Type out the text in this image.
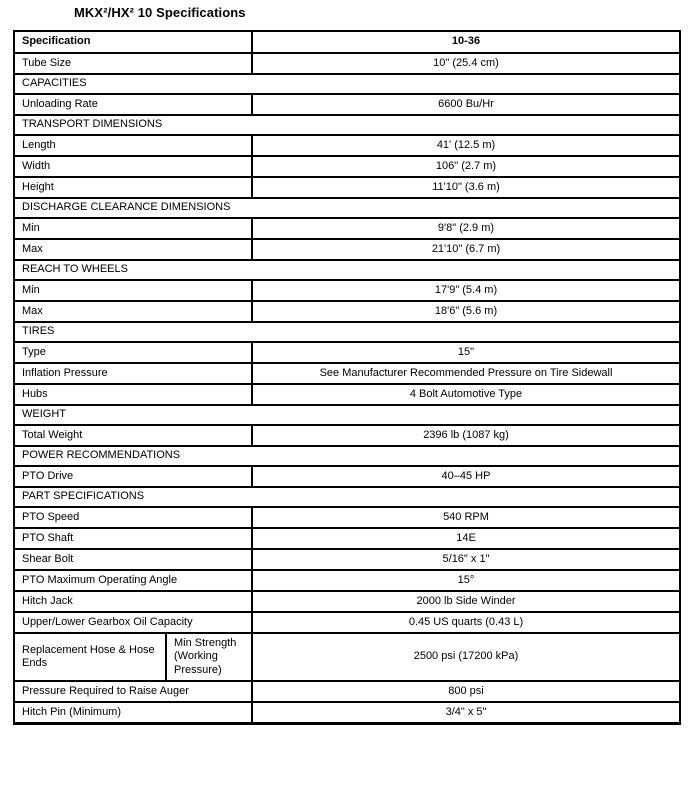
MKX²/HX² 10 Specifications
Specification		10-36
Tube Size		10" (25.4 cm)
CAPACITIES		
Unloading Rate		6600 Bu/Hr
TRANSPORT DIMENSIONS		
Length		41' (12.5 m)
Width		106" (2.7 m)
Height		11'10" (3.6 m)
DISCHARGE CLEARANCE DIMENSIONS		
Min		9'8" (2.9 m)
Max		21'10" (6.7 m)
REACH TO WHEELS		
Min		17'9" (5.4 m)
Max		18'6" (5.6 m)
TIRES		
Type		15"
Inflation Pressure		See Manufacturer Recommended Pressure on Tire Sidewall
Hubs		4 Bolt Automotive Type
WEIGHT		
Total Weight		2396 lb (1087 kg)
POWER RECOMMENDATIONS		
PTO Drive		40–45 HP
PART SPECIFICATIONS		
PTO Speed		540 RPM
PTO Shaft		14E
Shear Bolt		5/16" x 1"
PTO Maximum Operating Angle		15°
Hitch Jack		2000 lb Side Winder
Upper/Lower Gearbox Oil Capacity		0.45 US quarts (0.43 L)
Replacement Hose & Hose Ends	Min Strength (Working Pressure)	2500 psi (17200 kPa)
Pressure Required to Raise Auger		800 psi
Hitch Pin (Minimum)		3/4" x 5"
